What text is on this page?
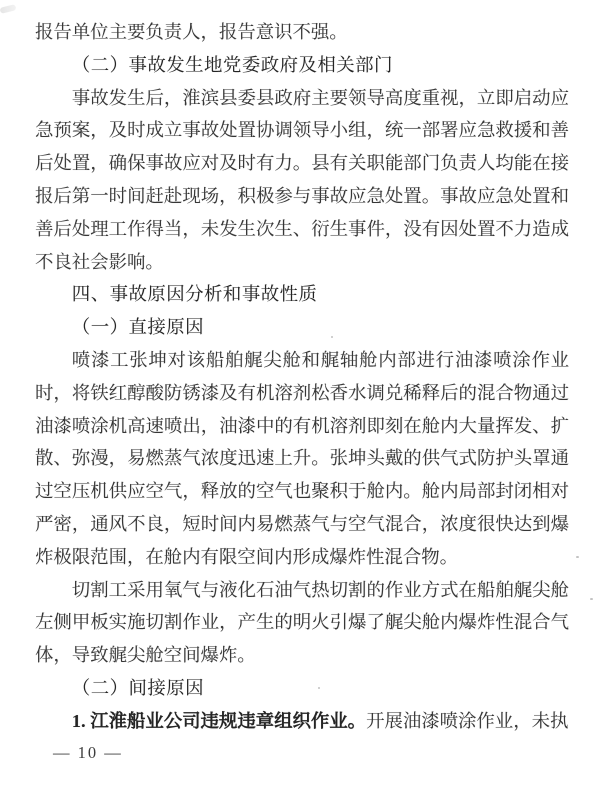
报告单位主要负责人，报告意识不强。

（二）事故发生地党委政府及相关部门

事故发生后，淮滨县委县政府主要领导高度重视，立即启动应急预案，及时成立事故处置协调领导小组，统一部署应急救援和善后处置，确保事故应对及时有力。县有关职能部门负责人均能在接报后第一时间赶赴现场，积极参与事故应急处置。事故应急处置和善后处理工作得当，未发生次生、衍生事件，没有因处置不力造成不良社会影响。

四、事故原因分析和事故性质
（一）直接原因

喷漆工张坤对该船舶艉尖舱和艉轴舱内部进行油漆喷涂作业时，将铁红醇酸防锈漆及有机溶剂松香水调兑稀释后的混合物通过油漆喷涂机高速喷出，油漆中的有机溶剂即刻在舱内大量挥发、扩散、弥漫，易燃蒸气浓度迅速上升。张坤头戴的供气式防护头罩通过空压机供应空气，释放的空气也聚积于舱内。舱内局部封闭相对严密，通风不良，短时间内易燃蒸气与空气混合，浓度很快达到爆炸极限范围，在舱内有限空间内形成爆炸性混合物。

切割工采用氧气与液化石油气热切割的作业方式在船舶艉尖舱左侧甲板实施切割作业，产生的明火引爆了艉尖舱内爆炸性混合气体，导致艉尖舱空间爆炸。

（二）间接原因

1. 江淮船业公司违规违章组织作业。开展油漆喷涂作业，未执

— 10 —
